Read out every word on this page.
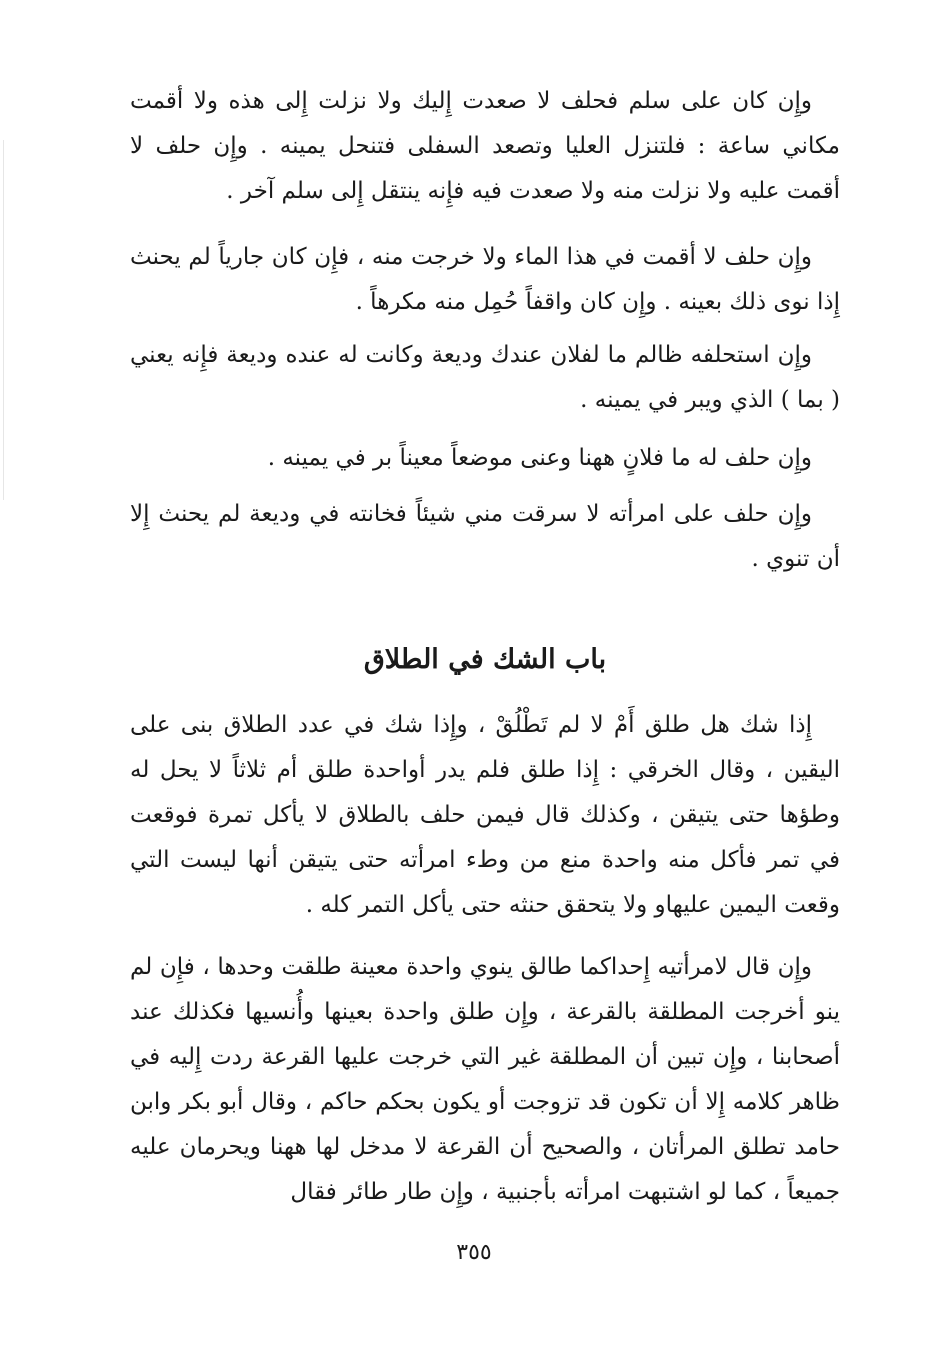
وإِن كان على سلم فحلف لا صعدت إِليك ولا نزلت إِلى هذه ولا أقمت مكاني ساعة : فلتنزل العليا وتصعد السفلى فتنحل يمينه . وإِن حلف لا أقمت عليه ولا نزلت منه ولا صعدت فيه فإِنه ينتقل إِلى سلم آخر .

وإِن حلف لا أقمت في هذا الماء ولا خرجت منه ، فإِن كان جارياً لم يحنث إِذا نوى ذلك بعينه . وإِن كان واقفاً حُمِل منه مكرهاً .

وإِن استحلفه ظالم ما لفلان عندك وديعة وكانت له عنده وديعة فإِنه يعني ( بما ) الذي ويبر في يمينه .

وإِن حلف له ما فلانٍ ههنا وعنى موضعاً معيناً بر في يمينه .

وإِن حلف على امرأته لا سرقت مني شيئاً فخانته في وديعة لم يحنث إِلا أن تنوي .

باب الشك في الطلاق

إِذا شك هل طلق أَمْ لا لم تَطْلُقْ ، وإِذا شك في عدد الطلاق بنى على اليقين ، وقال الخرقي : إِذا طلق فلم يدر أواحدة طلق أم ثلاثاً لا يحل له وطؤها حتى يتيقن ، وكذلك قال فيمن حلف بالطلاق لا يأكل تمرة فوقعت في تمر فأكل منه واحدة منع من وطء امرأته حتى يتيقن أنها ليست التي وقعت اليمين عليهاو ولا يتحقق حنثه حتى يأكل التمر كله .

وإِن قال لامرأتيه إِحداكما طالق ينوي واحدة معينة طلقت وحدها ، فإِن لم ينو أخرجت المطلقة بالقرعة ، وإِن طلق واحدة بعينها وأُنسيها فكذلك عند أصحابنا ، وإِن تبين أن المطلقة غير التي خرجت عليها القرعة ردت إِليه في ظاهر كلامه إِلا أن تكون قد تزوجت أو يكون بحكم حاكم ، وقال أبو بكر وابن حامد تطلق المرأتان ، والصحيح أن القرعة لا مدخل لها ههنا ويحرمان عليه جميعاً ، كما لو اشتبهت امرأته بأجنبية ، وإِن طار طائر فقال

٣٥٥
